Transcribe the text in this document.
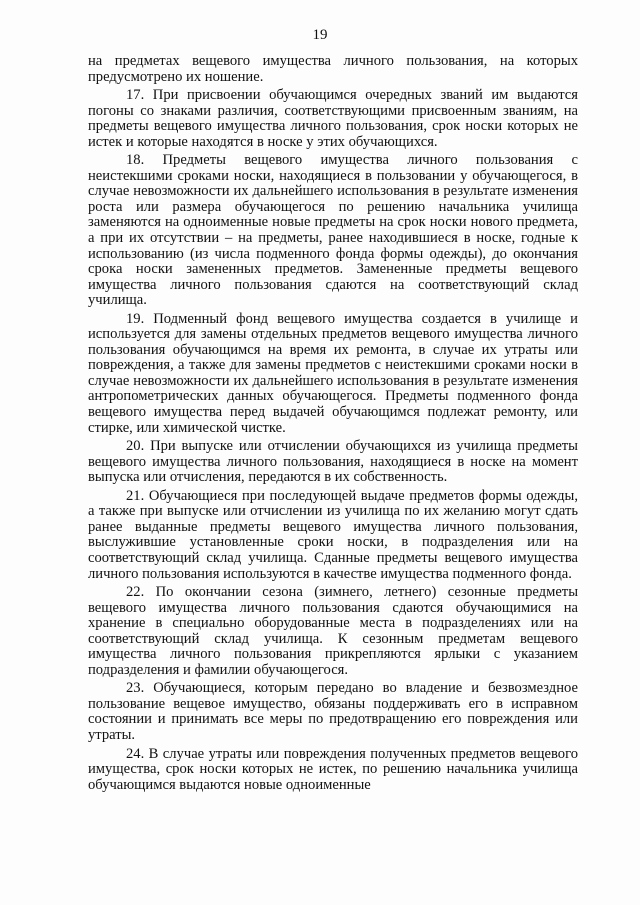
19

на предметах вещевого имущества личного пользования, на которых предусмотрено их ношение.

17. При присвоении обучающимся очередных званий им выдаются погоны со знаками различия, соответствующими присвоенным званиям, на предметы вещевого имущества личного пользования, срок носки которых не истек и которые находятся в носке у этих обучающихся.

18. Предметы вещевого имущества личного пользования с неистекшими сроками носки, находящиеся в пользовании у обучающегося, в случае невозможности их дальнейшего использования в результате изменения роста или размера обучающегося по решению начальника училища заменяются на одноименные новые предметы на срок носки нового предмета, а при их отсутствии – на предметы, ранее находившиеся в носке, годные к использованию (из числа подменного фонда формы одежды), до окончания срока носки замененных предметов. Замененные предметы вещевого имущества личного пользования сдаются на соответствующий склад училища.

19. Подменный фонд вещевого имущества создается в училище и используется для замены отдельных предметов вещевого имущества личного пользования обучающимся на время их ремонта, в случае их утраты или повреждения, а также для замены предметов с неистекшими сроками носки в случае невозможности их дальнейшего использования в результате изменения антропометрических данных обучающегося. Предметы подменного фонда вещевого имущества перед выдачей обучающимся подлежат ремонту, или стирке, или химической чистке.

20. При выпуске или отчислении обучающихся из училища предметы вещевого имущества личного пользования, находящиеся в носке на момент выпуска или отчисления, передаются в их собственность.

21. Обучающиеся при последующей выдаче предметов формы одежды, а также при выпуске или отчислении из училища по их желанию могут сдать ранее выданные предметы вещевого имущества личного пользования, выслужившие установленные сроки носки, в подразделения или на соответствующий склад училища. Сданные предметы вещевого имущества личного пользования используются в качестве имущества подменного фонда.

22. По окончании сезона (зимнего, летнего) сезонные предметы вещевого имущества личного пользования сдаются обучающимися на хранение в специально оборудованные места в подразделениях или на соответствующий склад училища. К сезонным предметам вещевого имущества личного пользования прикрепляются ярлыки с указанием подразделения и фамилии обучающегося.

23. Обучающиеся, которым передано во владение и безвозмездное пользование вещевое имущество, обязаны поддерживать его в исправном состоянии и принимать все меры по предотвращению его повреждения или утраты.

24. В случае утраты или повреждения полученных предметов вещевого имущества, срок носки которых не истек, по решению начальника училища обучающимся выдаются новые одноименные
